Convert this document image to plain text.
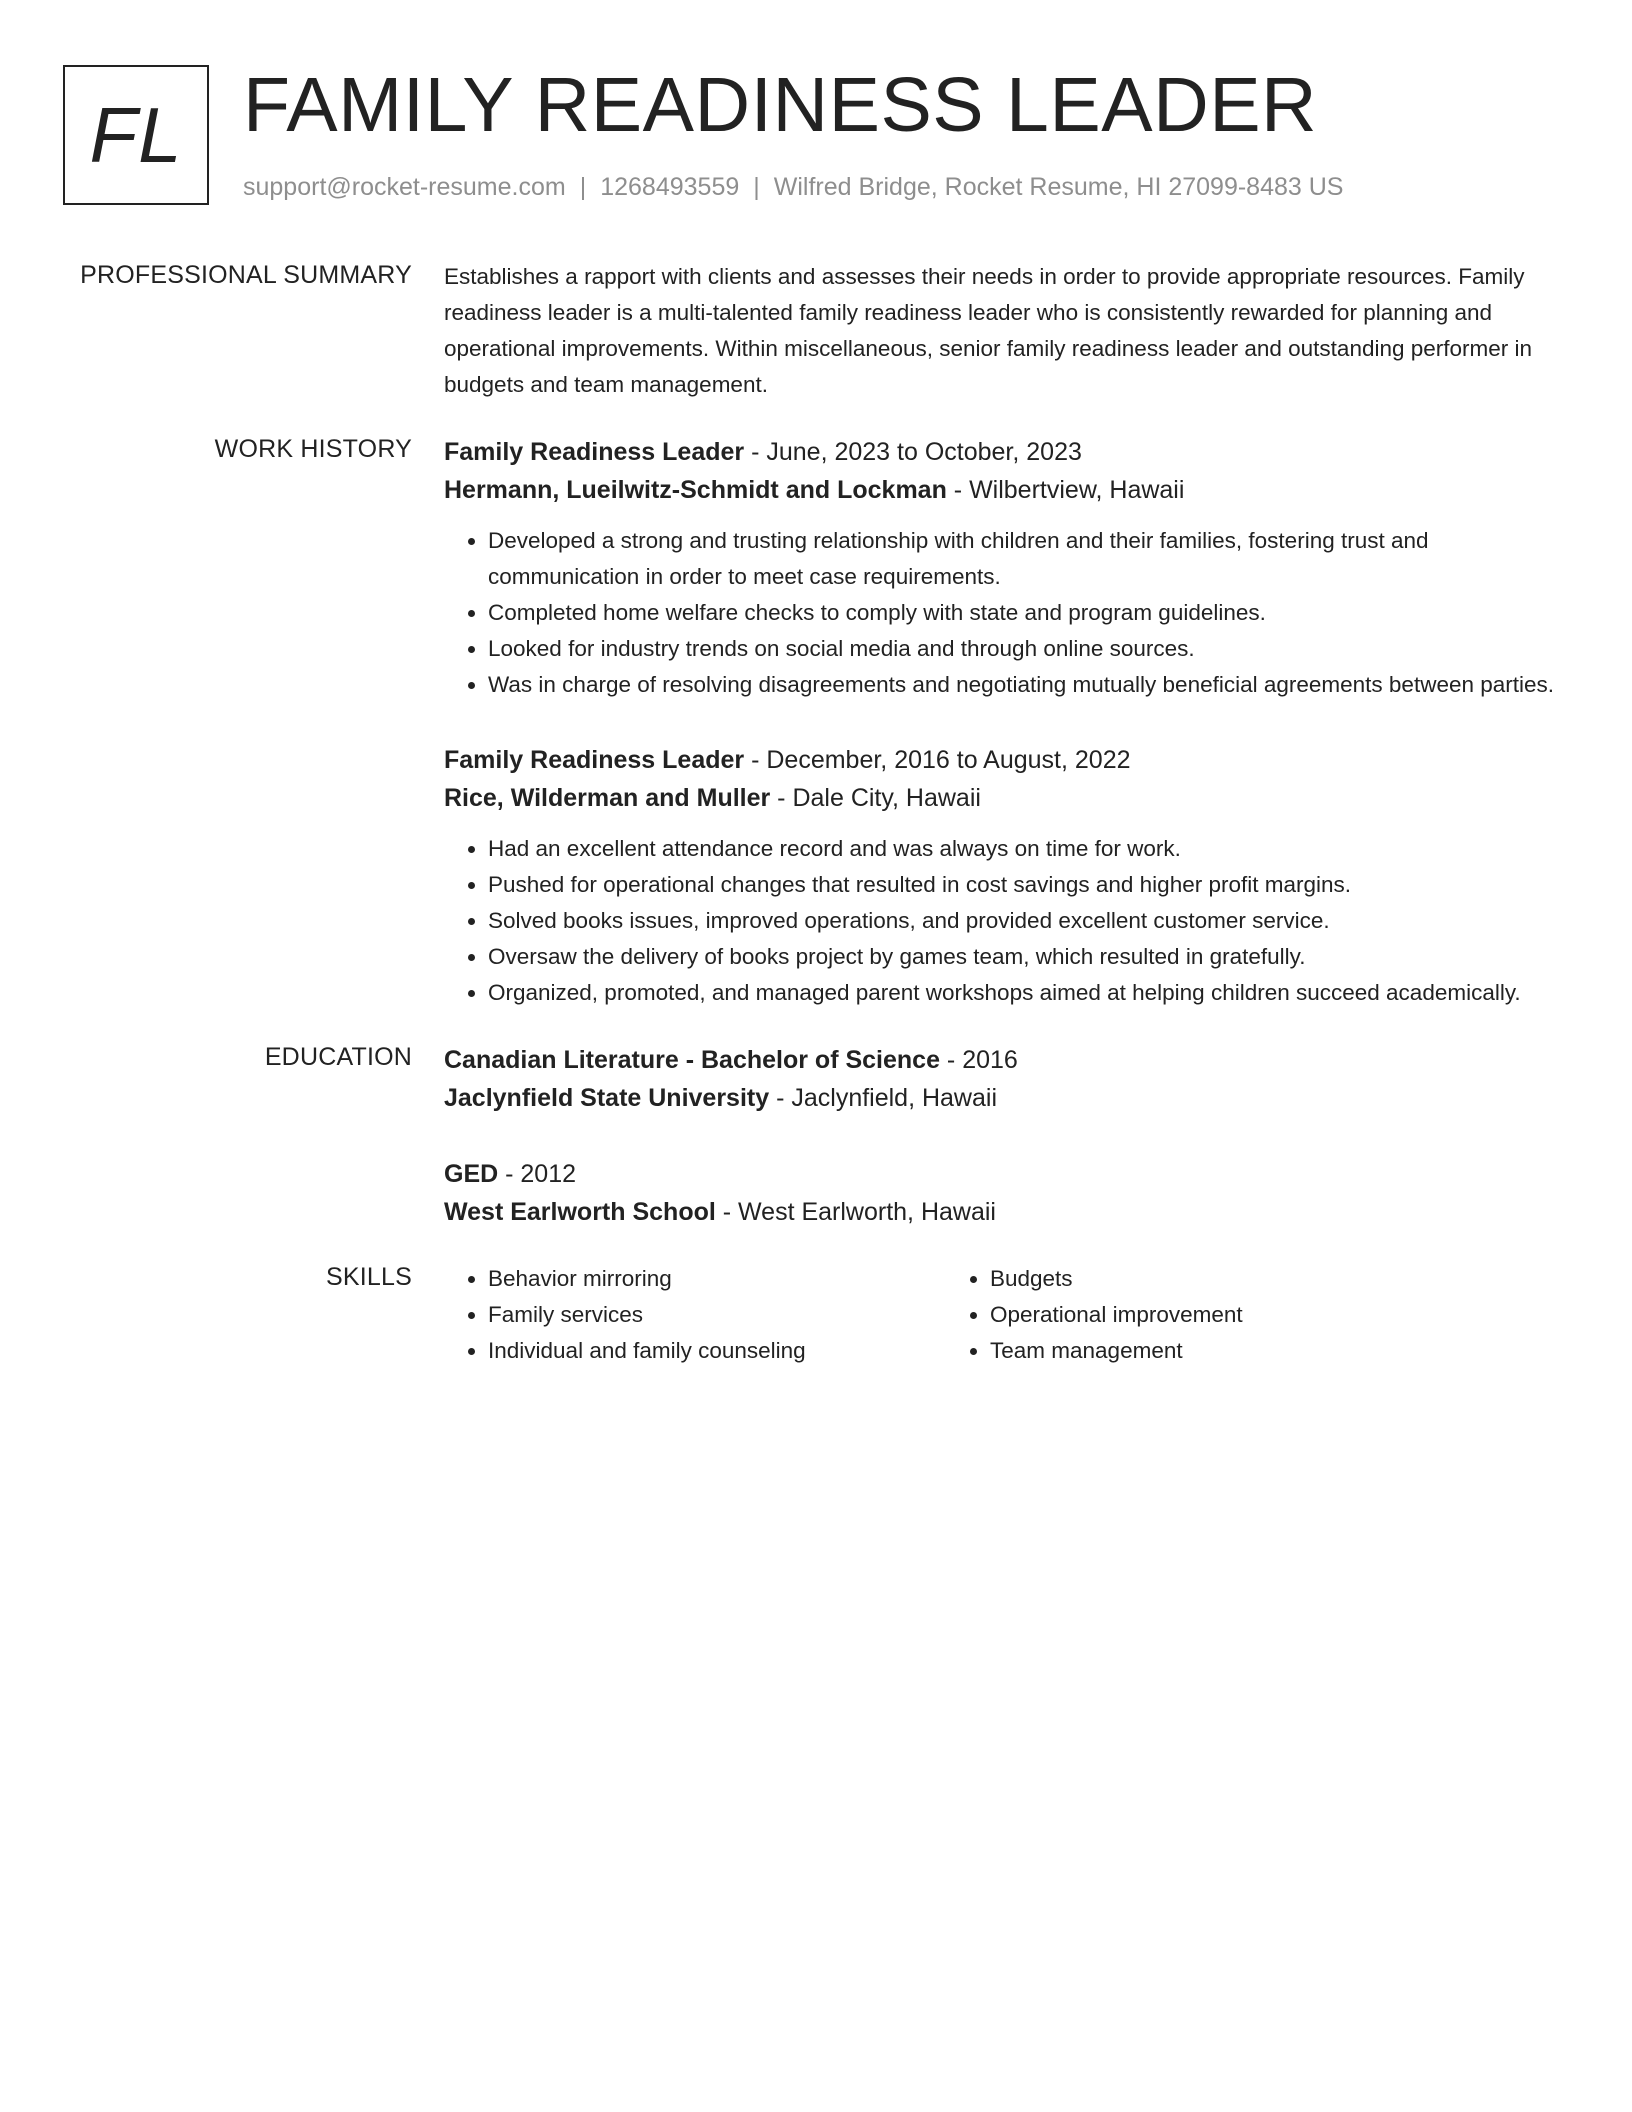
FL FAMILY READINESS LEADER
support@rocket-resume.com | 1268493559 | Wilfred Bridge, Rocket Resume, HI 27099-8483 US
PROFESSIONAL SUMMARY Establishes a rapport with clients and assesses their needs in order to provide appropriate resources. Family readiness leader is a multi-talented family readiness leader who is consistently rewarded for planning and operational improvements. Within miscellaneous, senior family readiness leader and outstanding performer in budgets and team management.

WORK HISTORY Family Readiness Leader - June, 2023 to October, 2023
Hermann, Lueilwitz-Schmidt and Lockman - Wilbertview, Hawaii
• Developed a strong and trusting relationship with children and their families, fostering trust and communication in order to meet case requirements.
• Completed home welfare checks to comply with state and program guidelines.
• Looked for industry trends on social media and through online sources.
• Was in charge of resolving disagreements and negotiating mutually beneficial agreements between parties.
Family Readiness Leader - December, 2016 to August, 2022
Rice, Wilderman and Muller - Dale City, Hawaii
• Had an excellent attendance record and was always on time for work.
• Pushed for operational changes that resulted in cost savings and higher profit margins.
• Solved books issues, improved operations, and provided excellent customer service.
• Oversaw the delivery of books project by games team, which resulted in gratefully.
• Organized, promoted, and managed parent workshops aimed at helping children succeed academically.
EDUCATION Canadian Literature - Bachelor of Science - 2016
Jaclynfield State University - Jaclynfield, Hawaii
GED - 2012
West Earlworth School - West Earlworth, Hawaii
SKILLS
•	Behavior mirroring
• Family services
• Individual and family counseling
• Budgets
• Operational improvement
• Team management
